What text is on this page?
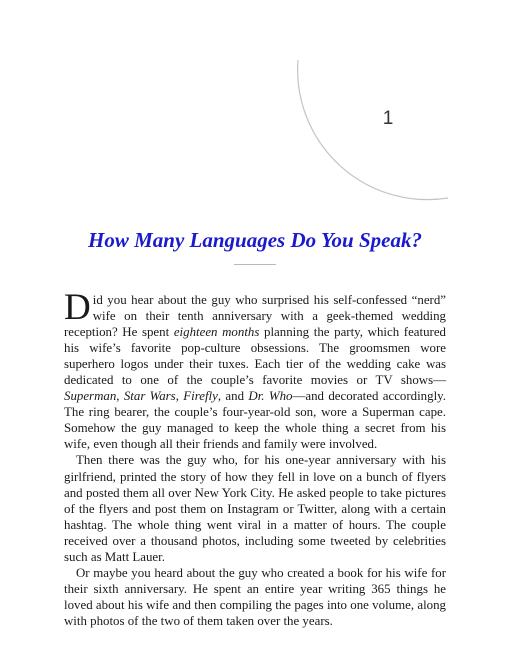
1
How Many Languages Do You Speak?

Did you hear about the guy who surprised his self-confessed “nerd” wife on their tenth anniversary with a geek-themed wedding reception? He spent eighteen months planning the party, which featured his wife’s favorite pop-culture obsessions. The groomsmen wore superhero logos under their tuxes. Each tier of the wedding cake was dedicated to one of the couple’s favorite movies or TV shows—Superman, Star Wars, Firefly, and Dr. Who—and decorated accordingly. The ring bearer, the couple’s four-year-old son, wore a Superman cape. Somehow the guy managed to keep the whole thing a secret from his wife, even though all their friends and family were involved.

Then there was the guy who, for his one-year anniversary with his girlfriend, printed the story of how they fell in love on a bunch of flyers and posted them all over New York City. He asked people to take pictures of the flyers and post them on Instagram or Twitter, along with a certain hashtag. The whole thing went viral in a matter of hours. The couple received over a thousand photos, including some tweeted by celebrities such as Matt Lauer.

Or maybe you heard about the guy who created a book for his wife for their sixth anniversary. He spent an entire year writing 365 things he loved about his wife and then compiling the pages into one volume, along with photos of the two of them taken over the years.
